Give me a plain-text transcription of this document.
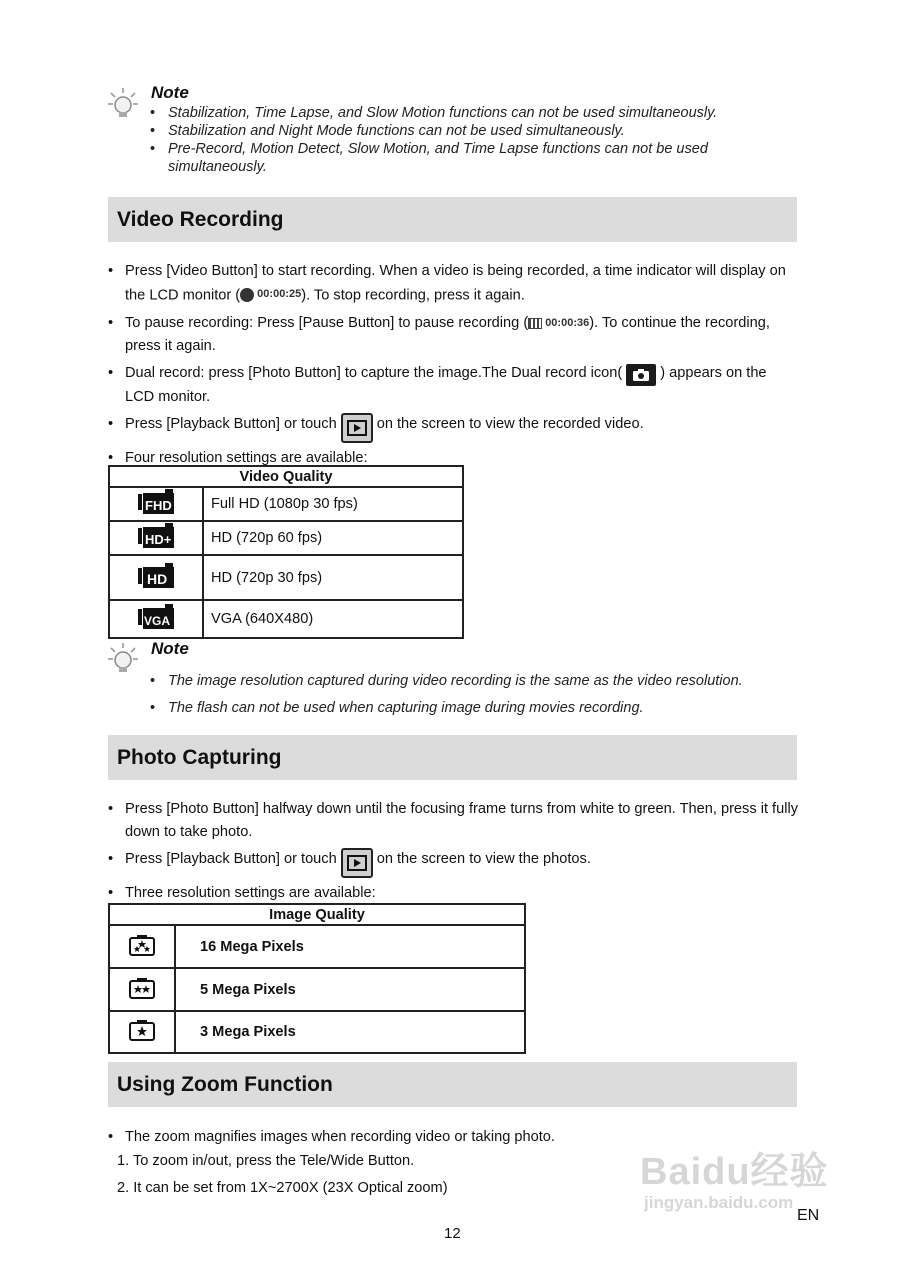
Note
• Stabilization, Time Lapse, and Slow Motion functions can not be used simultaneously.
• Stabilization and Night Mode functions can not be used simultaneously.
• Pre-Record, Motion Detect, Slow Motion, and Time Lapse functions can not be used simultaneously.
Video Recording
• Press [Video Button] to start recording. When a video is being recorded, a time indicator will display on the LCD monitor ( 00:00:25 ). To stop recording, press it again.
• To pause recording: Press [Pause Button] to pause recording ( 00:00:36 ). To continue the recording, press it again.
• Dual record: press [Photo Button] to capture the image.The Dual record icon(	) appears on the LCD monitor.
• Press [Playback Button] or touch	on the screen to view the recorded video.
• Four resolution settings are available:
Video Quality	

FHD	Full HD (1080p 30 fps)

HD+	HD (720p 60 fps)

HD	HD (720p 30 fps)

VGA	VGA (640X480)
Note
• The image resolution captured during video recording is the same as the video resolution.
• The flash can not be used when capturing image during movies recording.
Photo Capturing
• Press [Photo Button] halfway down until the focusing frame turns from white to green. Then, press it fully down to take photo.
• Press [Playback Button] or touch	on the screen to view the photos.
• Three resolution settings are available:
Image Quality	
	16 Mega Pixels
	5 Mega Pixels
	3 Mega Pixels
Using Zoom Function
• The zoom magnifies images when recording video or taking photo.
1. To zoom in/out, press the Tele/Wide Button.
2. It can be set from 1X~2700X (23X Optical zoom)	Baidu经验
jingyan.baidu.com
12
EN
